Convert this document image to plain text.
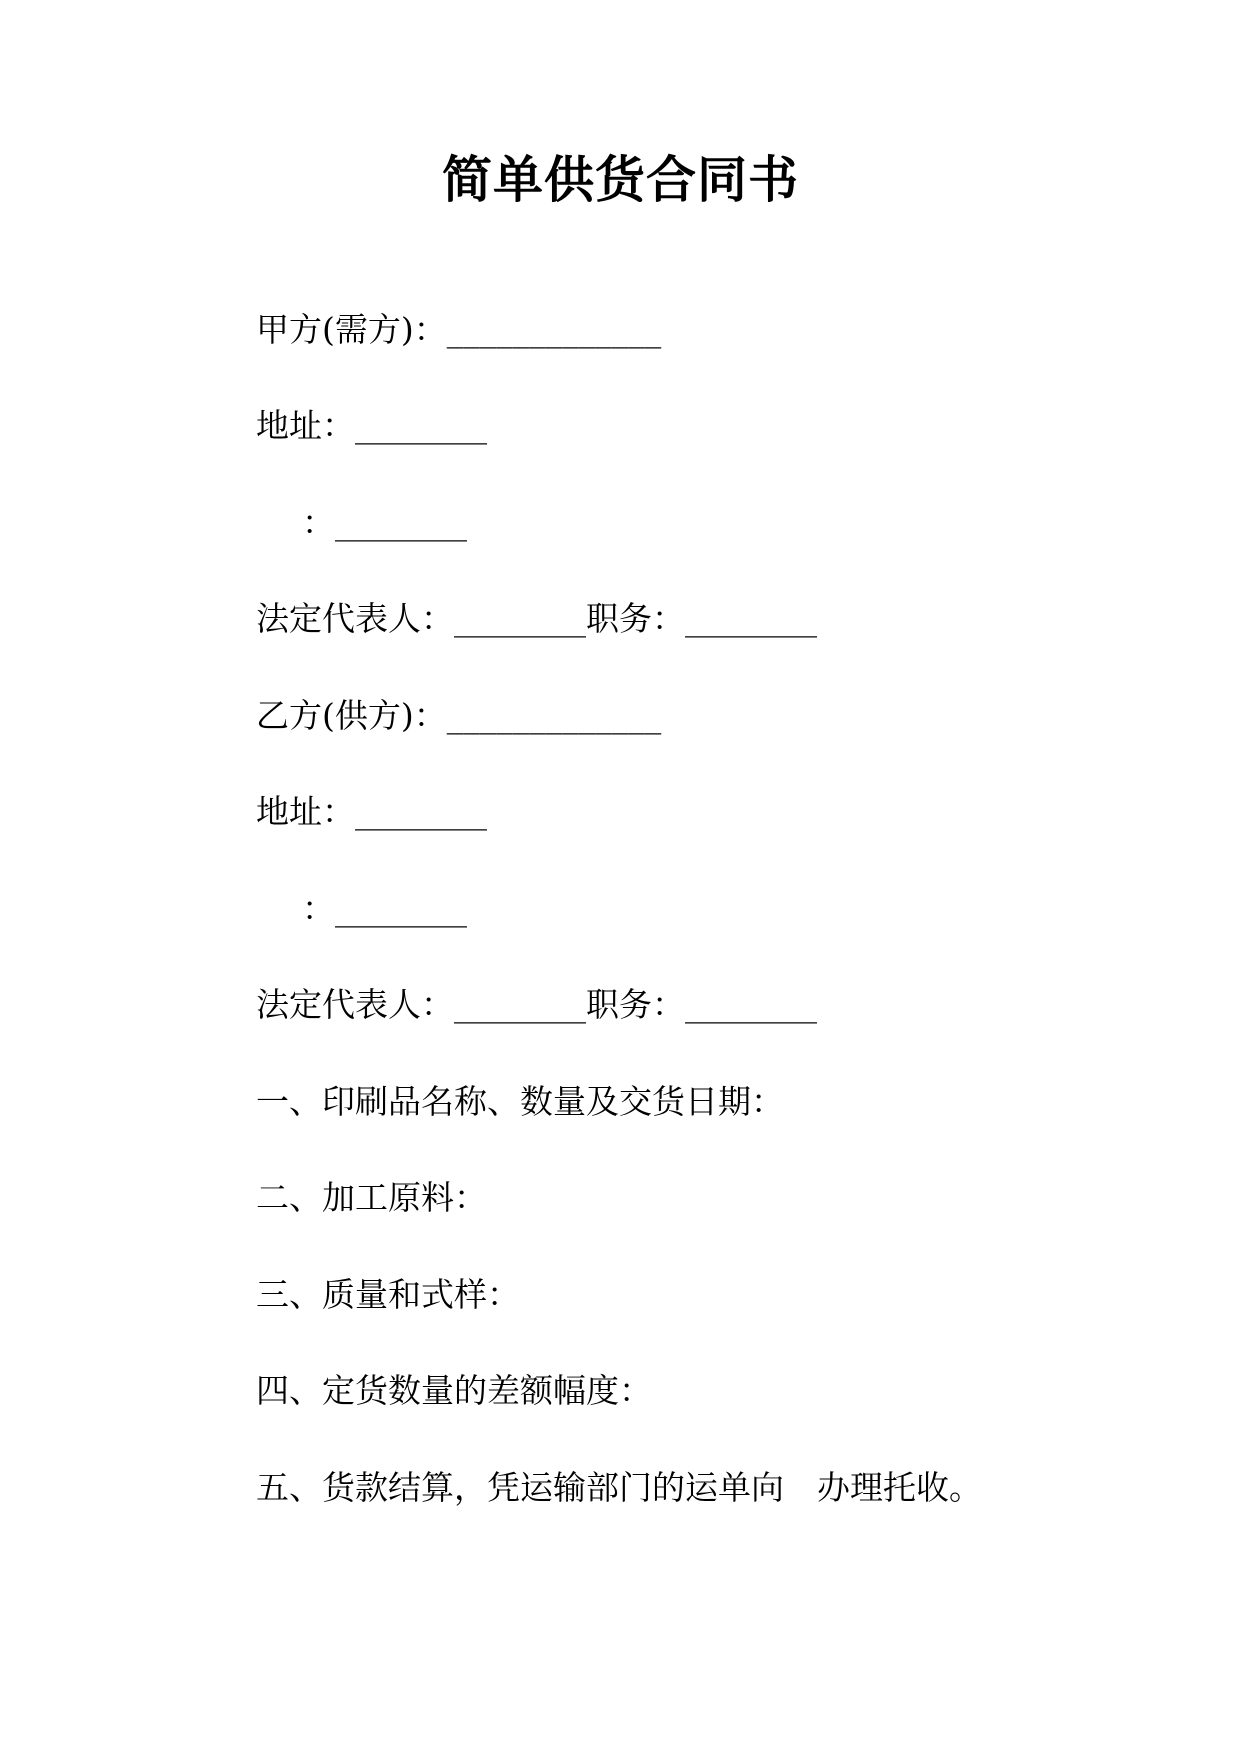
简单供货合同书
甲方(需方)：_____________
地址：________
：________
法定代表人：________职务：________
乙方(供方)：_____________
地址：________
：________
法定代表人：________职务：________
一、印刷品名称、数量及交货日期：
二、加工原料：
三、质量和式样：
四、定货数量的差额幅度：
五、货款结算，凭运输部门的运单向　办理托收。
